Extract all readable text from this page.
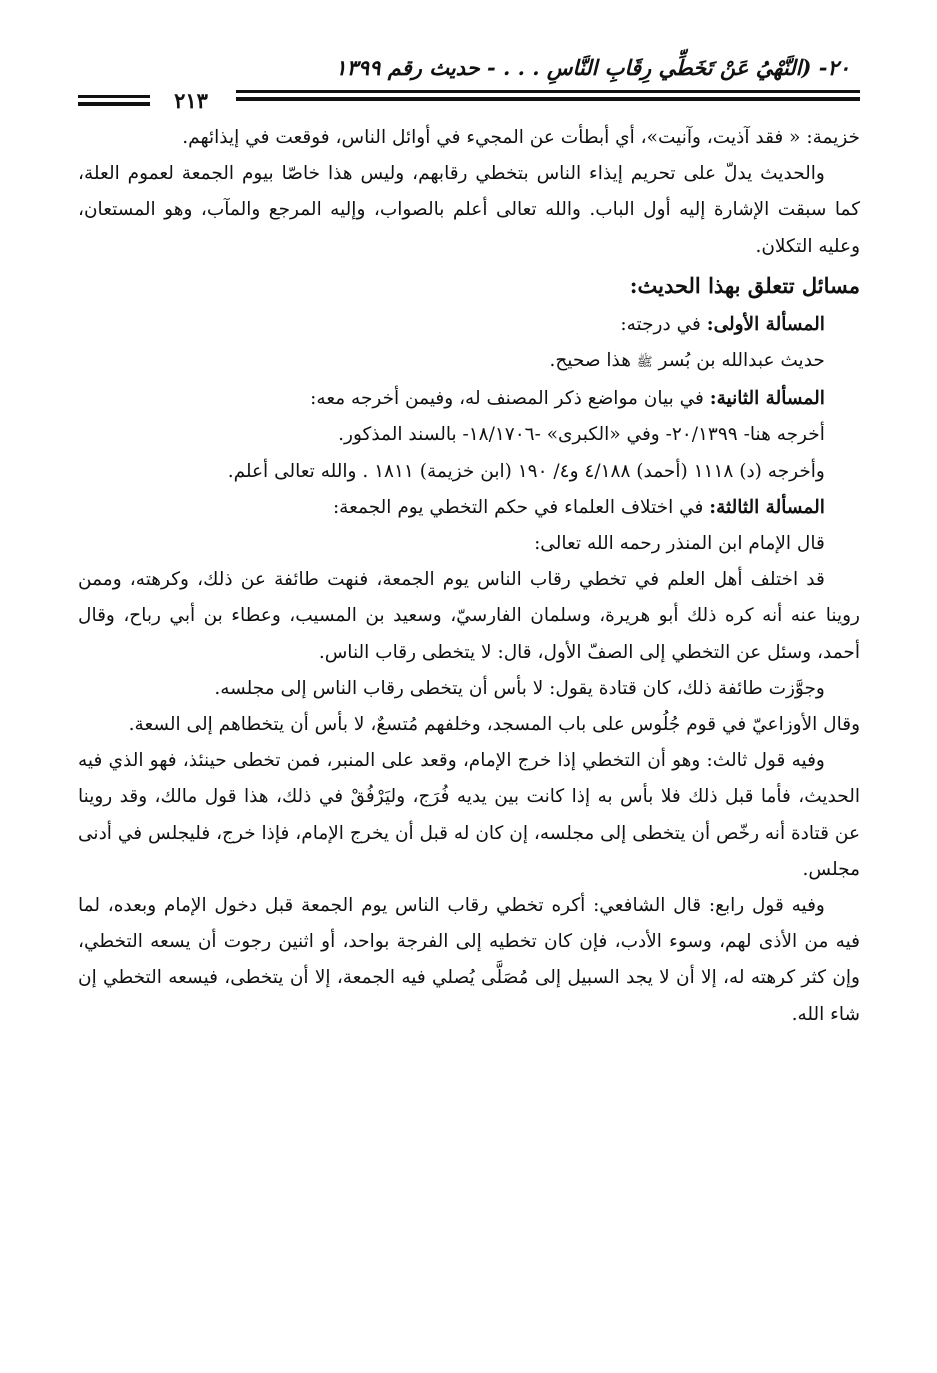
٢٠- (النَّهْيُ عَنْ تَخَطِّي رِقَابِ النَّاسِ . . . - حديث رقم ١٣٩٩
٢١٣

خزيمة: « فقد آذيت، وآنيت»، أي أبطأت عن المجيء في أوائل الناس، فوقعت في إيذائهم.

والحديث يدلّ على تحريم إيذاء الناس بتخطي رقابهم، وليس هذا خاصّا بيوم الجمعة لعموم العلة، كما سبقت الإشارة إليه أول الباب. والله تعالى أعلم بالصواب، وإليه المرجع والمآب، وهو المستعان، وعليه التكلان.

مسائل تتعلق بهذا الحديث:

المسألة الأولى: في درجته:

حديث عبدالله بن بُسر ﷺ هذا صحيح.

المسألة الثانية: في بيان مواضع ذكر المصنف له، وفيمن أخرجه معه:

أخرجه هنا- ٢٠/١٣٩٩- وفي «الكبرى» -١٨/١٧٠٦- بالسند المذكور.

وأخرجه (د) ١١١٨ (أحمد) ٤/١٨٨ و٤/ ١٩٠ (ابن خزيمة) ١٨١١ . والله تعالى أعلم.

المسألة الثالثة: في اختلاف العلماء في حكم التخطي يوم الجمعة:

قال الإمام ابن المنذر رحمه الله تعالى:

قد اختلف أهل العلم في تخطي رقاب الناس يوم الجمعة، فنهت طائفة عن ذلك، وكرهته، وممن روينا عنه أنه كره ذلك أبو هريرة، وسلمان الفارسيّ، وسعيد بن المسيب، وعطاء بن أبي رباح، وقال أحمد، وسئل عن التخطي إلى الصفّ الأول، قال: لا يتخطى رقاب الناس.

وجوَّزت طائفة ذلك، كان قتادة يقول: لا بأس أن يتخطى رقاب الناس إلى مجلسه.

وقال الأوزاعيّ في قوم جُلُوس على باب المسجد، وخلفهم مُتسعٌ، لا بأس أن يتخطاهم إلى السعة.

وفيه قول ثالث: وهو أن التخطي إذا خرج الإمام، وقعد على المنبر، فمن تخطى حينئذ، فهو الذي فيه الحديث، فأما قبل ذلك فلا بأس به إذا كانت بين يديه فُرَج، وليَرْفُقْ في ذلك، هذا قول مالك، وقد روينا عن قتادة أنه رخّص أن يتخطى إلى مجلسه، إن كان له قبل أن يخرج الإمام، فإذا خرج، فليجلس في أدنى مجلس.

وفيه قول رابع: قال الشافعي: أكره تخطي رقاب الناس يوم الجمعة قبل دخول الإمام وبعده، لما فيه من الأذى لهم، وسوء الأدب، فإن كان تخطيه إلى الفرجة بواحد، أو اثنين رجوت أن يسعه التخطي، وإن كثر كرهته له، إلا أن لا يجد السبيل إلى مُصَلَّى يُصلي فيه الجمعة، إلا أن يتخطى، فيسعه التخطي إن شاء الله.
